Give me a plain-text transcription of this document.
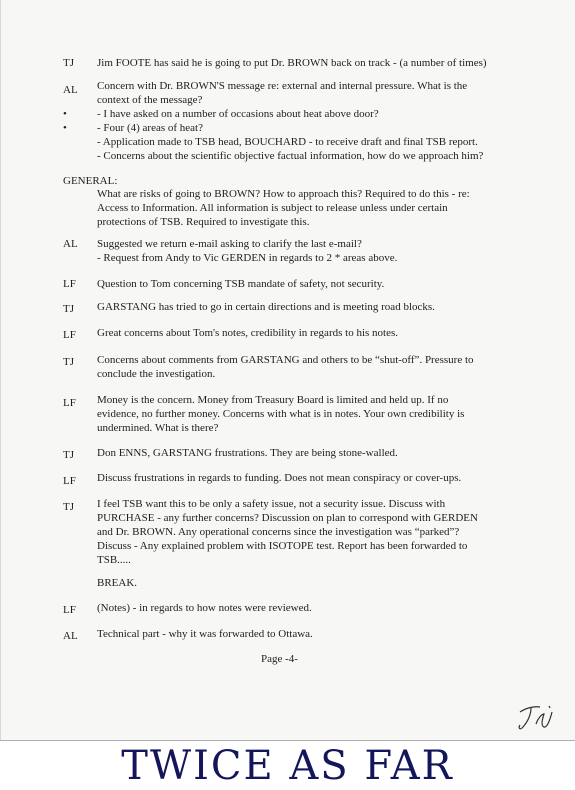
TJ Jim FOOTE has said he is going to put Dr. BROWN back on track - (a number of times)
AL Concern with Dr. BROWN'S message re: external and internal pressure. What is the
context of the message?
•	- I have asked on a number of occasions about heat above door?
•	- Four (4) areas of heat?
- Application made to TSB head, BOUCHARD - to receive draft and final TSB report.
- Concerns about the scientific objective factual information, how do we approach him?
GENERAL:
What are risks of going to BROWN? How to approach this? Required to do this - re:
Access to Information. All information is subject to release unless under certain
protections of TSB. Required to investigate this.
AL Suggested we return e-mail asking to clarify the last e-mail?
- Request from Andy to Vic GERDEN in regards to 2 * areas above.
LF Question to Tom concerning TSB mandate of safety, not security.
TJ GARSTANG has tried to go in certain directions and is meeting road blocks.
LF Great concerns about Tom's notes, credibility in regards to his notes.
TJ Concerns about comments from GARSTANG and others to be “shut-off”. Pressure to
conclude the investigation.
LF Money is the concern. Money from Treasury Board is limited and held up. If no
evidence, no further money. Concerns with what is in notes. Your own credibility is
undermined. What is there?
TJ Don ENNS, GARSTANG frustrations. They are being stone-walled.
LF Discuss frustrations in regards to funding. Does not mean conspiracy or cover-ups.
TJ I feel TSB want this to be only a safety issue, not a security issue. Discuss with
PURCHASE - any further concerns? Discussion on plan to correspond with GERDEN
and Dr. BROWN. Any operational concerns since the investigation was “parked”?
Discuss - Any explained problem with ISOTOPE test. Report has been forwarded to
TSB.....
BREAK.
LF (Notes) - in regards to how notes were reviewed.
AL Technical part - why it was forwarded to Ottawa.
Page -4-
TWICE AS FAR
